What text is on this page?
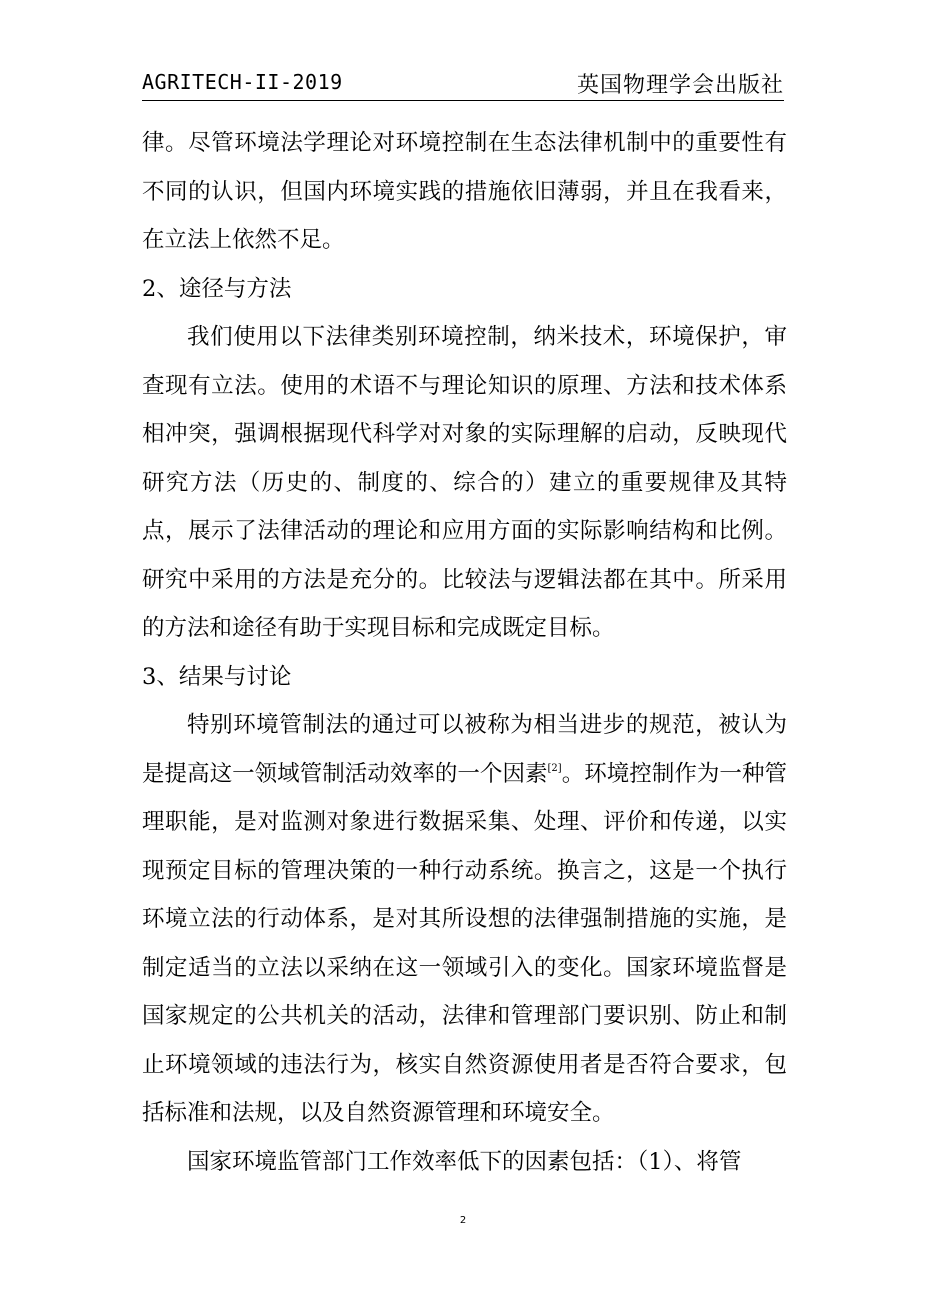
AGRITECH-II-2019	英国物理学会出版社

律。尽管环境法学理论对环境控制在生态法律机制中的重要性有不同的认识，但国内环境实践的措施依旧薄弱，并且在我看来，在立法上依然不足。

2、途径与方法

我们使用以下法律类别环境控制，纳米技术，环境保护，审查现有立法。使用的术语不与理论知识的原理、方法和技术体系相冲突，强调根据现代科学对对象的实际理解的启动，反映现代研究方法（历史的、制度的、综合的）建立的重要规律及其特点，展示了法律活动的理论和应用方面的实际影响结构和比例。研究中采用的方法是充分的。比较法与逻辑法都在其中。所采用的方法和途径有助于实现目标和完成既定目标。

3、结果与讨论

特别环境管制法的通过可以被称为相当进步的规范，被认为是提高这一领域管制活动效率的一个因素[2]。环境控制作为一种管理职能，是对监测对象进行数据采集、处理、评价和传递，以实现预定目标的管理决策的一种行动系统。换言之，这是一个执行环境立法的行动体系，是对其所设想的法律强制措施的实施，是制定适当的立法以采纳在这一领域引入的变化。国家环境监督是国家规定的公共机关的活动，法律和管理部门要识别、防止和制止环境领域的违法行为，核实自然资源使用者是否符合要求，包括标准和法规，以及自然资源管理和环境安全。

国家环境监管部门工作效率低下的因素包括：（1）、将管

2
